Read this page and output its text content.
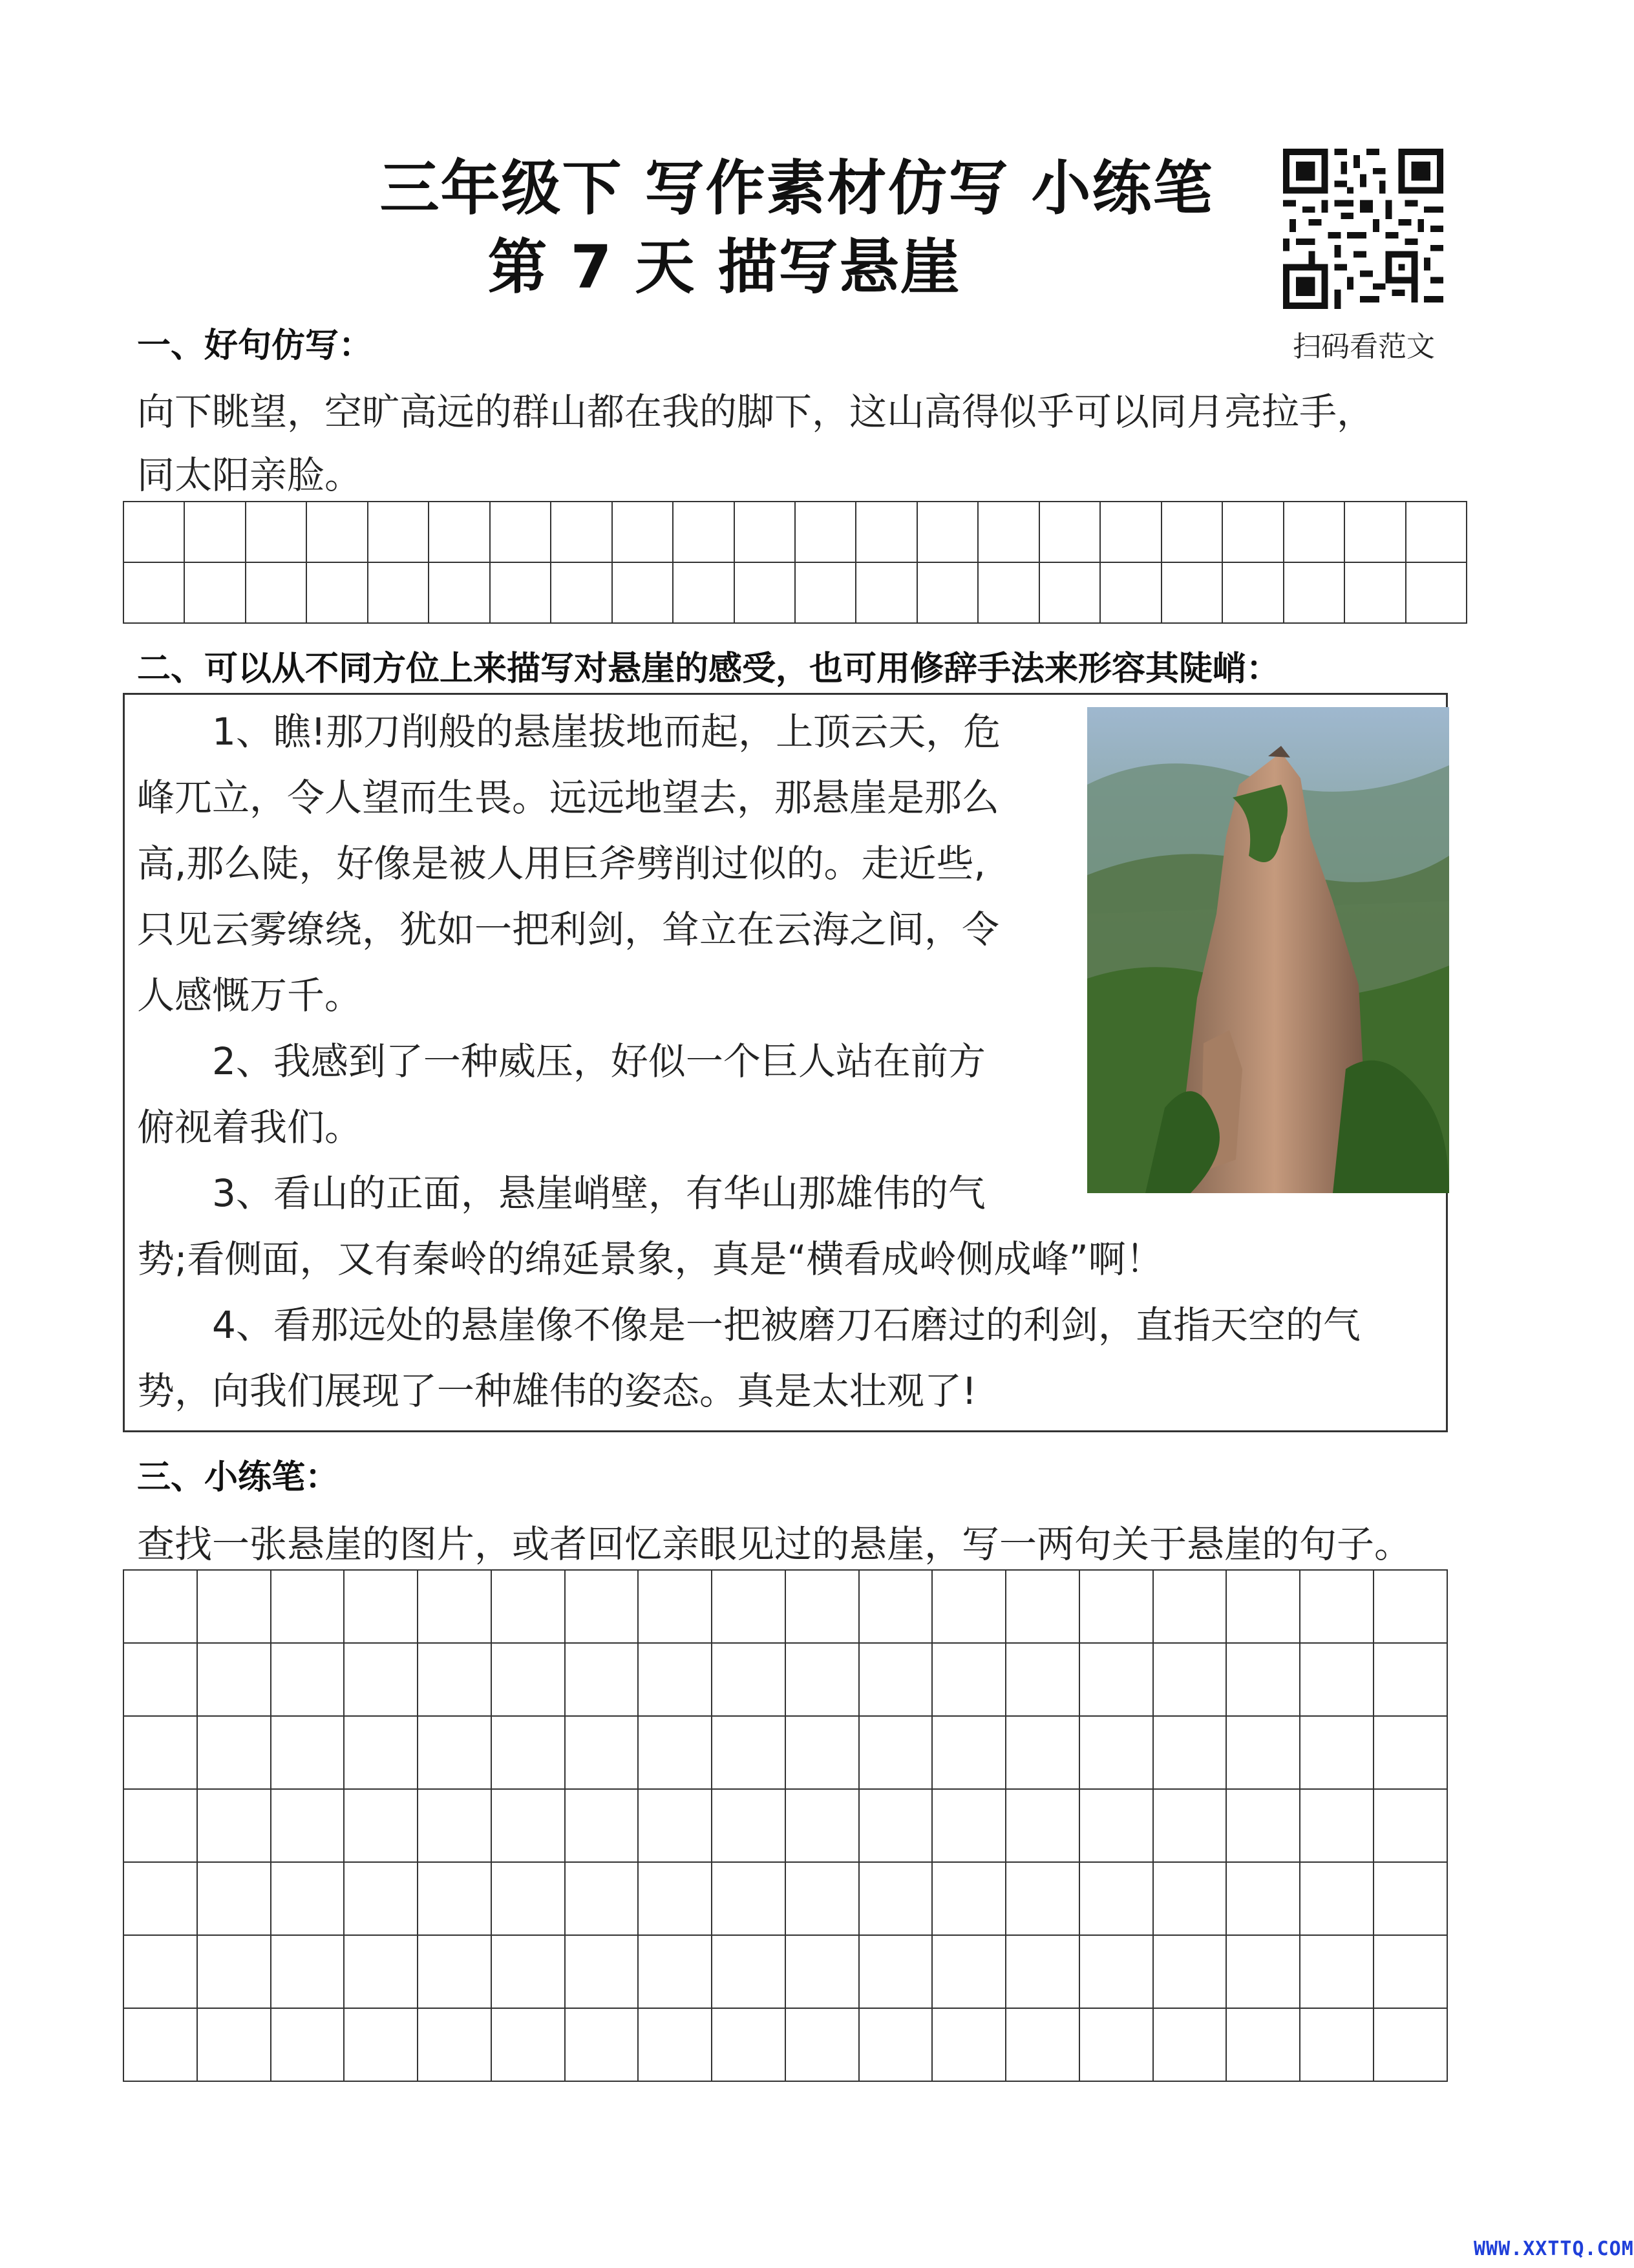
三年级下 写作素材仿写 小练笔
第 7 天 描写悬崖
扫码看范文
一、好句仿写：
向下眺望，空旷高远的群山都在我的脚下，这山高得似乎可以同月亮拉手，
同太阳亲脸。

二、可以从不同方位上来描写对悬崖的感受，也可用修辞手法来形容其陡峭：
　　1、瞧!那刀削般的悬崖拔地而起，上顶云天，危
峰兀立，令人望而生畏。远远地望去，那悬崖是那么
高,那么陡，好像是被人用巨斧劈削过似的。走近些,
只见云雾缭绕，犹如一把利剑，耸立在云海之间，令
人感慨万千。
　　2、我感到了一种威压，好似一个巨人站在前方
俯视着我们。
　　3、看山的正面，悬崖峭壁，有华山那雄伟的气
势;看侧面，又有秦岭的绵延景象，真是“横看成岭侧成峰”啊！
　　4、看那远处的悬崖像不像是一把被磨刀石磨过的利剑，直指天空的气
势，向我们展现了一种雄伟的姿态。真是太壮观了!
三、小练笔：
查找一张悬崖的图片，或者回忆亲眼见过的悬崖，写一两句关于悬崖的句子。

WWW.XXTTQ.COM
